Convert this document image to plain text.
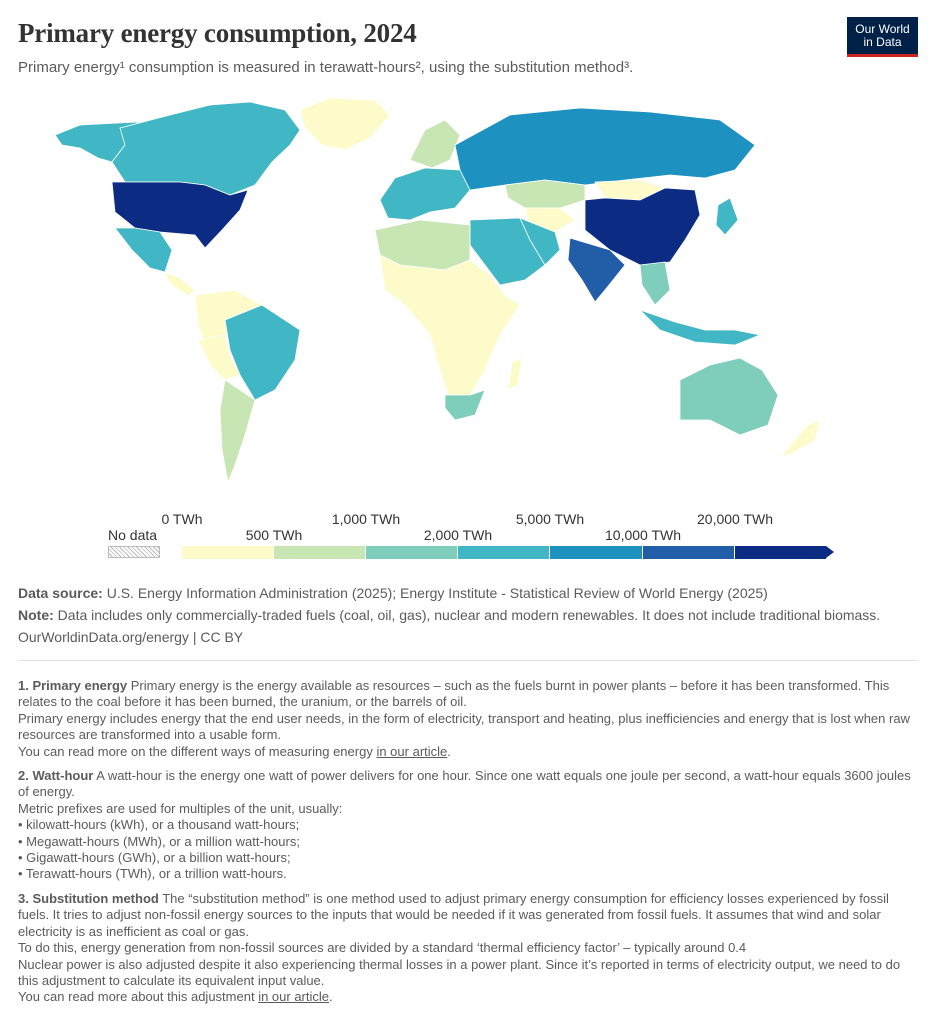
Primary energy consumption, 2024
Primary energy¹ consumption is measured in terawatt-hours², using the substitution method³.
Our World
in Data
No data
0 TWh	1,000 TWh	5,000 TWh	20,000 TWh
500 TWh	2,000 TWh	10,000 TWh
Data source: U.S. Energy Information Administration (2025); Energy Institute - Statistical Review of World Energy (2025)
Note: Data includes only commercially-traded fuels (coal, oil, gas), nuclear and modern renewables. It does not include traditional biomass.
OurWorldinData.org/energy | CC BY

1. Primary energy Primary energy is the energy available as resources – such as the fuels burnt in power plants – before it has been transformed. This relates to the coal before it has been burned, the uranium, or the barrels of oil.
Primary energy includes energy that the end user needs, in the form of electricity, transport and heating, plus inefficiencies and energy that is lost when raw resources are transformed into a usable form.
You can read more on the different ways of measuring energy in our article.

2. Watt-hour A watt-hour is the energy one watt of power delivers for one hour. Since one watt equals one joule per second, a watt-hour equals 3600 joules of energy.
Metric prefixes are used for multiples of the unit, usually:
• kilowatt-hours (kWh), or a thousand watt-hours;
• Megawatt-hours (MWh), or a million watt-hours;
• Gigawatt-hours (GWh), or a billion watt-hours;
• Terawatt-hours (TWh), or a trillion watt-hours.

3. Substitution method The “substitution method” is one method used to adjust primary energy consumption for efficiency losses experienced by fossil fuels. It tries to adjust non-fossil energy sources to the inputs that would be needed if it was generated from fossil fuels. It assumes that wind and solar electricity is as inefficient as coal or gas.
To do this, energy generation from non-fossil sources are divided by a standard ‘thermal efficiency factor’ – typically around 0.4
Nuclear power is also adjusted despite it also experiencing thermal losses in a power plant. Since it’s reported in terms of electricity output, we need to do this adjustment to calculate its equivalent input value.
You can read more about this adjustment in our article.
